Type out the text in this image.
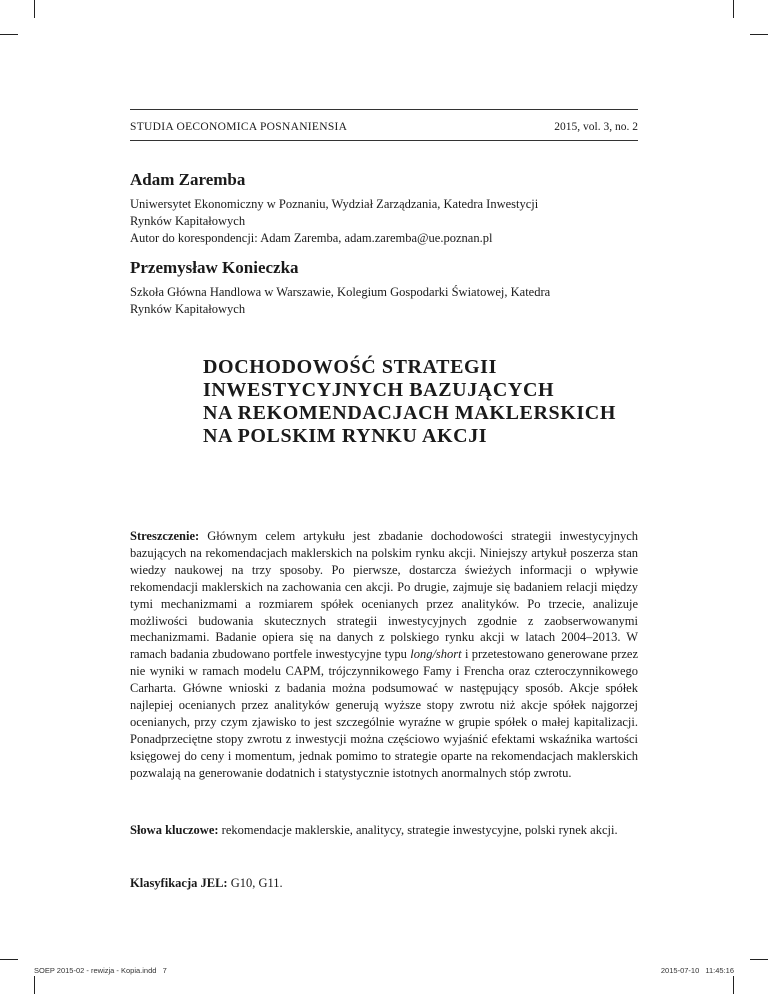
STUDIA OECONOMICA POSNANIENSIA	2015, vol. 3, no. 2
Adam Zaremba
Uniwersytet Ekonomiczny w Poznaniu, Wydział Zarządzania, Katedra Inwestycji
Rynków Kapitałowych
Autor do korespondencji: Adam Zaremba, adam.zaremba@ue.poznan.pl
Przemysław Konieczka
Szkoła Główna Handlowa w Warszawie, Kolegium Gospodarki Światowej, Katedra
Rynków Kapitałowych
DOCHODOWOŚĆ STRATEGII
INWESTYCYJNYCH BAZUJĄCYCH
NA REKOMENDACJACH MAKLERSKICH
NA POLSKIM RYNKU AKCJI
Streszczenie: Głównym celem artykułu jest zbadanie dochodowości strategii inwestycyjnych bazujących na rekomendacjach maklerskich na polskim rynku akcji. Niniejszy artykuł poszerza stan wiedzy naukowej na trzy sposoby. Po pierwsze, dostarcza świeżych informacji o wpływie rekomendacji maklerskich na zachowania cen akcji. Po drugie, zajmuje się badaniem relacji między tymi mechanizmami a rozmiarem spółek ocenianych przez analityków. Po trzecie, analizuje możliwości budowania skutecznych strategii inwestycyjnych zgodnie z zaobserwowanymi mechanizmami. Badanie opiera się na danych z polskiego rynku akcji w latach 2004–2013. W ramach badania zbudowano portfele inwestycyjne typu long/short i przetestowano generowane przez nie wyniki w ramach modelu CAPM, trójczynnikowego Famy i Frencha oraz czteroczynnikowego Carharta. Główne wnioski z badania można podsumować w następujący sposób. Akcje spółek najlepiej ocenianych przez analityków generują wyższe stopy zwrotu niż akcje spółek najgorzej ocenianych, przy czym zjawisko to jest szczególnie wyraźne w grupie spółek o małej kapitalizacji. Ponadprzeciętne stopy zwrotu z inwestycji można częściowo wyjaśnić efektami wskaźnika wartości księgowej do ceny i momentum, jednak pomimo to strategie oparte na rekomendacjach maklerskich pozwalają na generowanie dodatnich i statystycznie istotnych anormalnych stóp zwrotu.
Słowa kluczowe: rekomendacje maklerskie, analitycy, strategie inwestycyjne, polski rynek akcji.
Klasyfikacja JEL: G10, G11.
SOEP 2015-02 - rewizja - Kopia.indd   7	2015-07-10 11:45:16
